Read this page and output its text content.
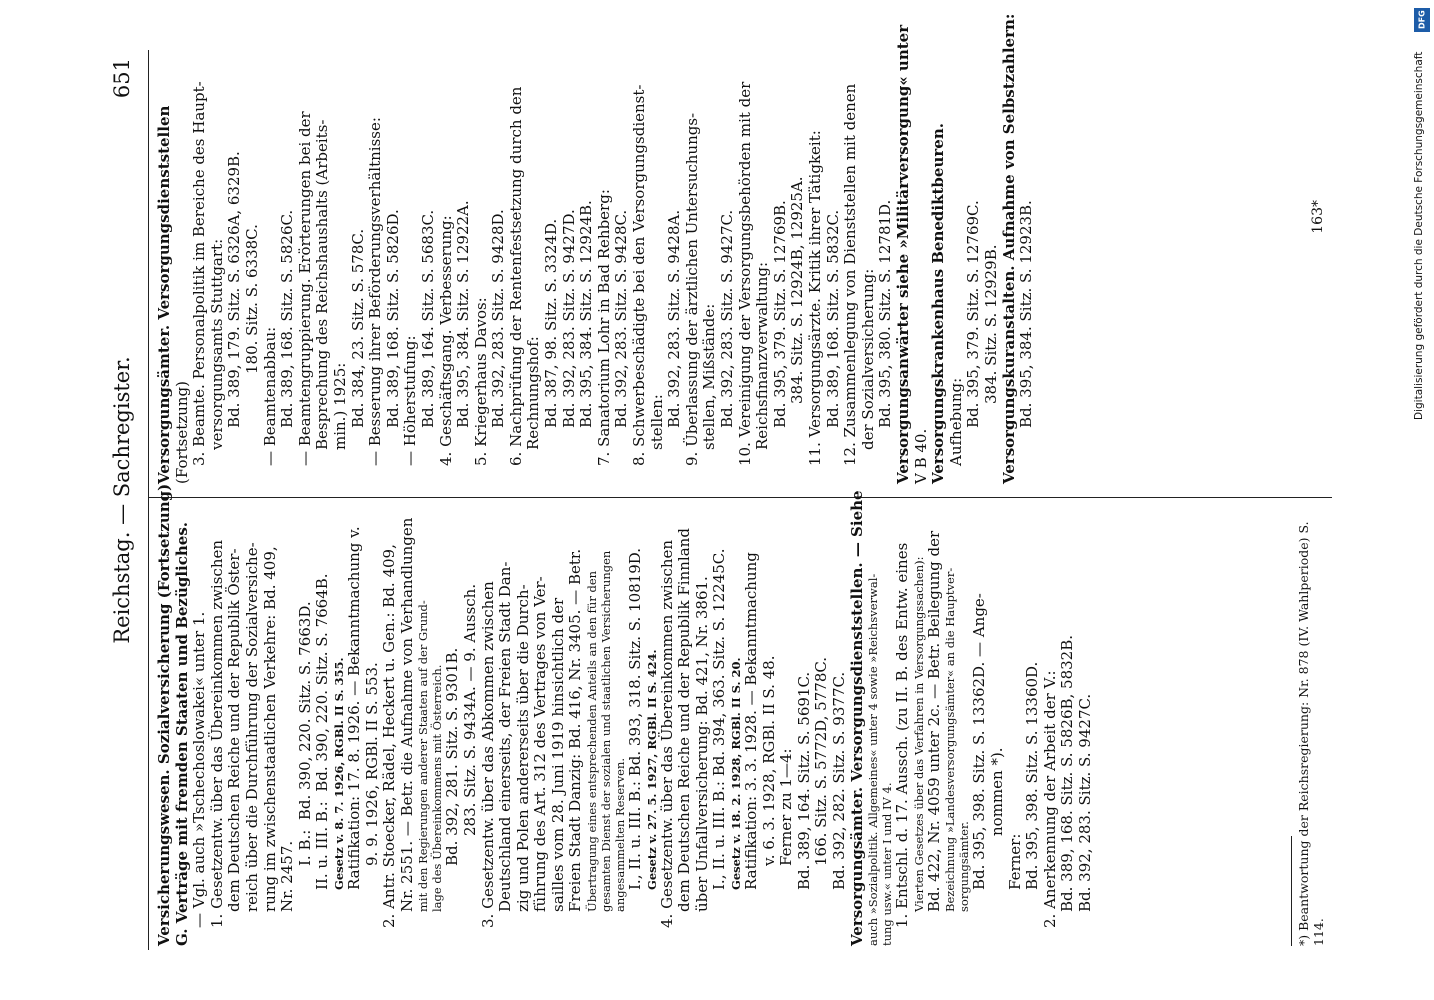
Reichstag. — Sachregister.
651
Versicherungswesen. Sozialversicherung (Fortsetzung) G. Verträge mit fremden Staaten und Bezügliches. — Vgl. auch »Tschechoslowakei« unter 1. 1. Gesetzentw. über das Übereinkommen zwischen dem Deutschen Reiche und der Republik Öster- reich über die Durchführung der Sozialversiche- rung im zwischenstaatlichen Verkehre: Bd. 409, Nr. 2457.
I. B.:  Bd. 390, 220. Sitz. S. 7663D. II. u. III. B.:  Bd. 390, 220. Sitz. S. 7664B. Gesetz v. 8. 7. 1926, RGBl. II S. 355. Ratifikation: 17. 8. 1926. — Bekanntmachung v. 9. 9. 1926, RGBl. II S. 553. 2. Antr. Stoecker, Rädel, Heckert u. Gen.: Bd. 409, Nr. 2551. — Betr. die Aufnahme von Verhandlungen mit den Regierungen anderer Staaten auf der Grund- lage des Übereinkommens mit Österreich. Bd. 392, 281. Sitz. S. 9301B. 283. Sitz. S. 9434A. — 9. Aussch. 3. Gesetzentw. über das Abkommen zwischen Deutschland einerseits, der Freien Stadt Dan- zig und Polen andererseits über die Durch- führung des Art. 312 des Vertrages von Ver- sailles vom 28. Juni 1919 hinsichtlich der Freien Stadt Danzig: Bd. 416, Nr. 3405. — Betr. Übertragung eines entsprechenden Anteils an den für den gesamten Dienst der sozialen und staatlichen Versicherungen angesammelten Reserven. I., II. u. III. B.: Bd. 393, 318. Sitz. S. 10819D. Gesetz v. 27. 5. 1927, RGBl. II S. 424. 4. Gesetzentw. über das Übereinkommen zwischen dem Deutschen Reiche und der Republik Finnland über Unfallversicherung: Bd. 421, Nr. 3861. I., II. u. III. B.: Bd. 394, 363. Sitz. S. 12245C. Gesetz v. 18. 2. 1928, RGBl. II S. 20. Ratifikation: 3. 3. 1928. — Bekanntmachung v. 6. 3. 1928, RGBl. II S. 48. Ferner zu 1—4: Bd. 389, 164. Sitz. S. 5691C. 166. Sitz. S. 5772D, 5778C. Bd. 392, 282. Sitz. S. 9377C. Versorgungsämter. Versorgungsdienststellen. — Siehe auch »Sozialpolitik. Allgemeines« unter 4 sowie »Reichsverwal- tung usw.« unter I und IV 4. 1. Entschl. d. 17. Aussch. (zu II. B. des Entw. eines Vierten Gesetzes über das Verfahren in Versorgungssachen): Bd. 422, Nr. 4059 unter 2c. — Betr. Beilegung der Bezeichnung »Landesversorgungsämter« an die Hauptver- sorgungsämter. Bd. 395, 398. Sitz. S. 13362D. — Ange- nommen *).
Ferner: Bd. 395, 398. Sitz. S. 13360D. 2. Anerkennung der Arbeit der V.: Bd. 389, 168. Sitz. S. 5826B, 5832B. Bd. 392, 283. Sitz. S. 9427C.
Versorgungsämter. Versorgungsdienststellen (Fortsetzung) 3. Beamte. Personalpolitik im Bereiche des Haupt- versorgungsamts Stuttgart: Bd. 389, 179. Sitz. S. 6326A, 6329B. 180. Sitz. S. 6338C.
— Beamtenabbau: Bd. 389, 168. Sitz. S. 5826C. — Beamtengruppierung. Erörterungen bei der Besprechung des Reichshaushalts (Arbeits- min.) 1925: Bd. 384, 23. Sitz. S. 578C. — Besserung ihrer Beförderungsverhältnisse: Bd. 389, 168. Sitz. S. 5826D. — Höherstufung: Bd. 389, 164. Sitz. S. 5683C. 4. Geschäftsgang. Verbesserung: Bd. 395, 384. Sitz. S. 12922A. 5. Kriegerhaus Davos: Bd. 392, 283. Sitz. S. 9428D. 6. Nachprüfung der Rentenfestsetzung durch den Rechnungshof: Bd. 387, 98. Sitz. S. 3324D. Bd. 392, 283. Sitz. S. 9427D. Bd. 395, 384. Sitz. S. 12924B. 7. Sanatorium Lohr in Bad Rehberg: Bd. 392, 283. Sitz. S. 9428C. 8. Schwerbeschädigte bei den Versorgungsdienst- stellen: Bd. 392, 283. Sitz. S. 9428A. 9. Überlassung der ärztlichen Untersuchungs- stellen, Mißstände: Bd. 392, 283. Sitz. S. 9427C. 10. Vereinigung der Versorgungsbehörden mit der Reichsfinanzverwaltung: Bd. 395, 379. Sitz. S. 12769B. 384. Sitz. S. 12924B, 12925A. 11. Versorgungsärzte. Kritik ihrer Tätigkeit: Bd. 389, 168. Sitz. S. 5832C. 12. Zusammenlegung von Dienststellen mit denen der Sozialversicherung: Bd. 395, 380. Sitz. S. 12781D. Versorgungsanwärter siehe »Militärversorgung« unter V B 40. Versorgungskrankenhaus Benediktbeuren. Aufhebung: Bd. 395, 379. Sitz. S. 12769C. 384. Sitz. S. 12929B. Versorgungskuranstalten. Aufnahme von Selbstzahlern: Bd. 395, 384. Sitz. S. 12923B.
*) Beantwortung der Reichsregierung: Nr. 878 (IV. Wahlperiode) S. 114.
163*
DFG
Digitalisierung gefördert durch die Deutsche Forschungsgemeinschaft
